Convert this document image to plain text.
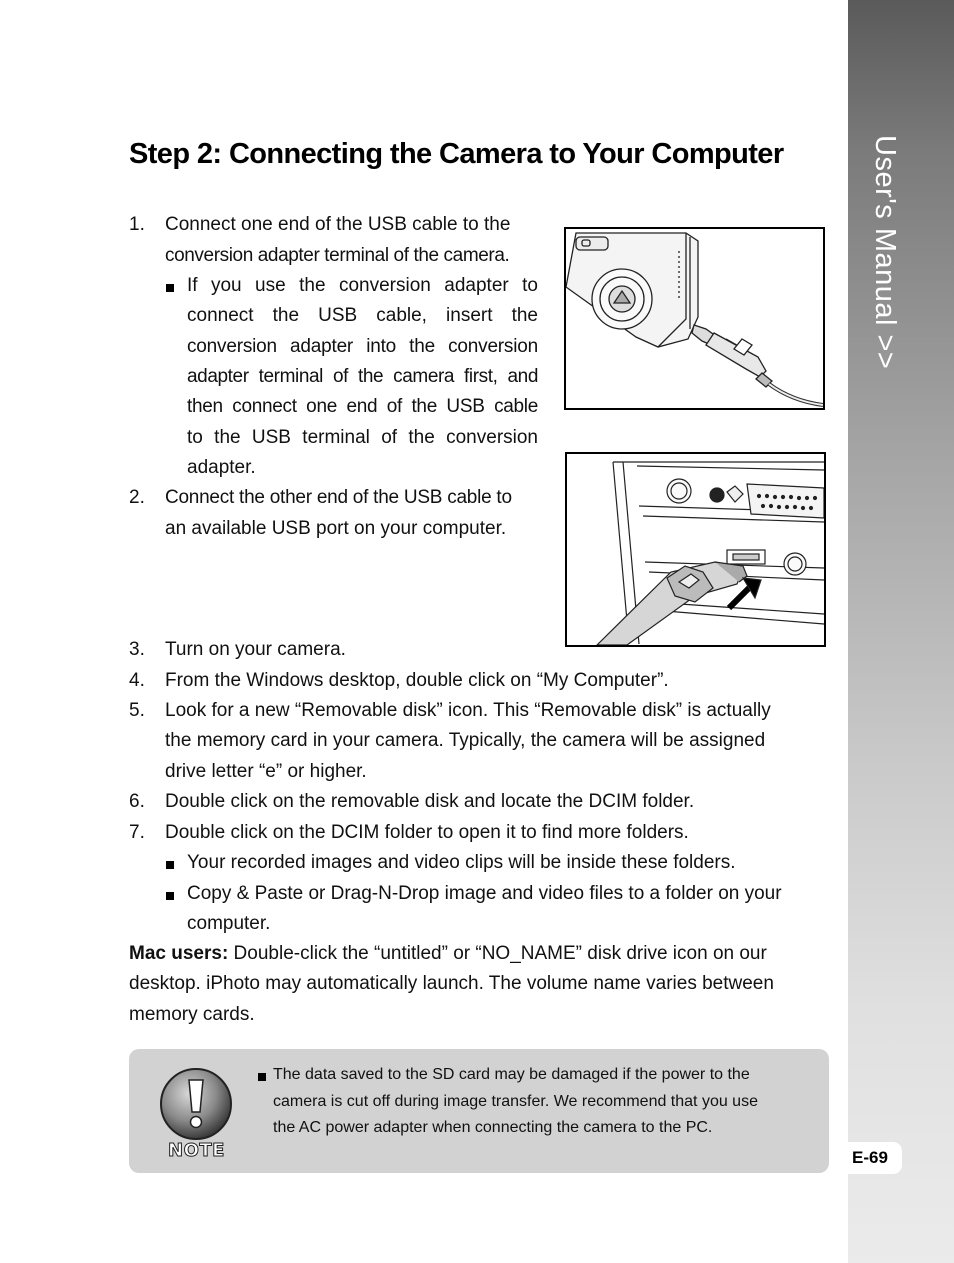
User's Manual >>
E-69
Step 2: Connecting the Camera to Your Computer
1. Connect one end of the USB cable to the
conversion adapter terminal of the camera.
If you use the conversion adapter to
connect the USB cable, insert the
conversion adapter into the conversion
adapter terminal of the camera first, and
then connect one end of the USB cable
to the USB terminal of the conversion
adapter.
2. Connect the other end of the USB cable to
an available USB port on your computer.
3. Turn on your camera.
4. From the Windows desktop, double click on “My Computer”.
5. Look for a new “Removable disk” icon. This “Removable disk” is actually
the memory card in your camera. Typically, the camera will be assigned
drive letter “e” or higher.
6. Double click on the removable disk and locate the DCIM folder.
7. Double click on the DCIM folder to open it to find more folders.
Your recorded images and video clips will be inside these folders.
Copy & Paste or Drag-N-Drop image and video files to a folder on your
computer.
Mac users: Double-click the “untitled” or “NO_NAME” disk drive icon on our
desktop. iPhoto may automatically launch. The volume name varies between
memory cards.
NOTE
The data saved to the SD card may be damaged if the power to the
camera is cut off during image transfer. We recommend that you use
the AC power adapter when connecting the camera to the PC.
